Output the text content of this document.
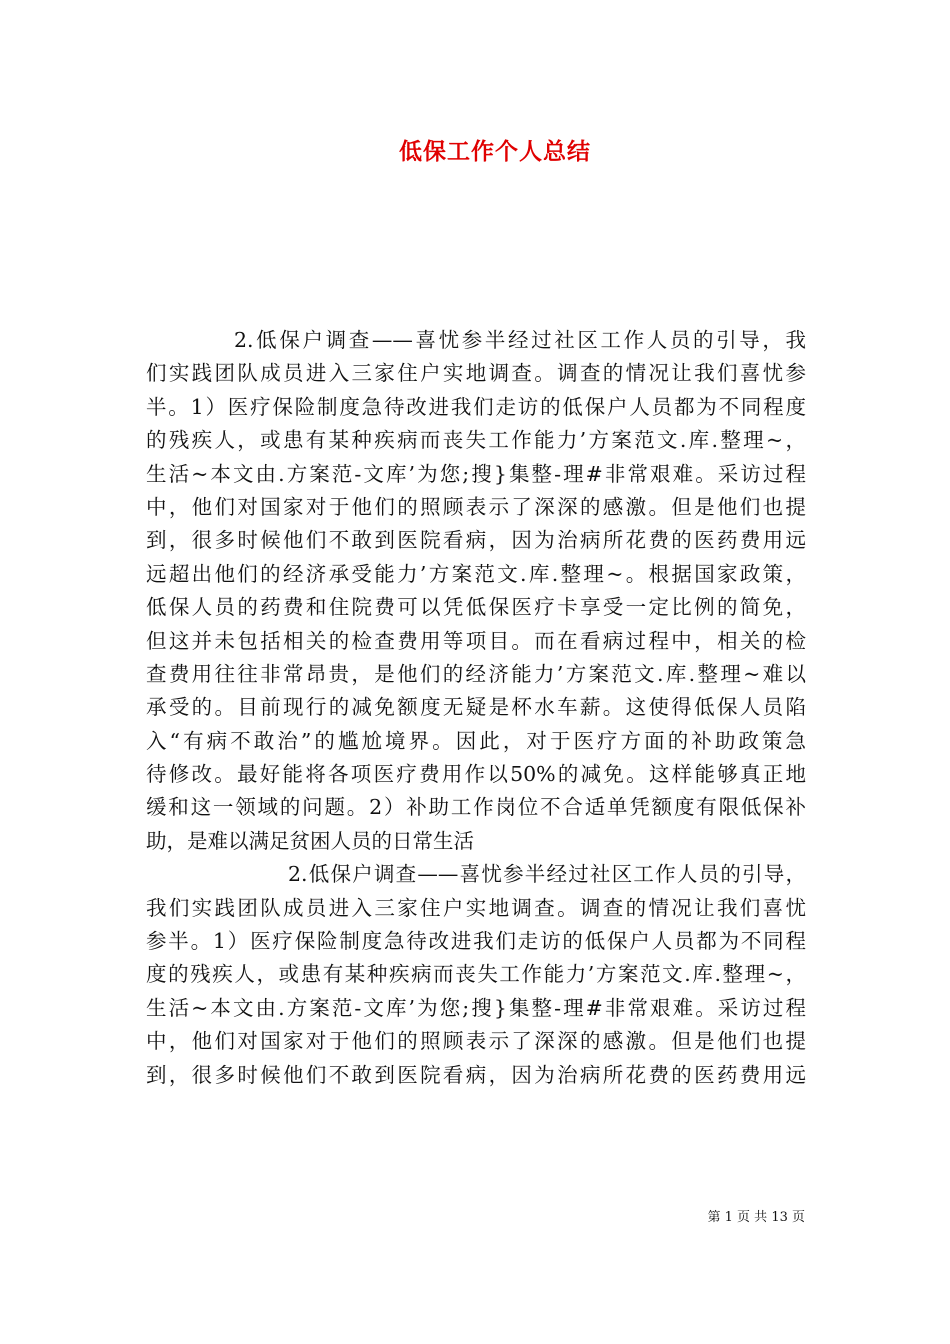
低保工作个人总结
2.低保户调查——喜忧参半经过社区工作人员的引导，我
们实践团队成员进入三家住户实地调查。调查的情况让我们喜忧参
半。1）医疗保险制度急待改进我们走访的低保户人员都为不同程度
的残疾人，或患有某种疾病而丧失工作能力’方案范文.库.整理~，
生活~本文由.方案范-文库’为您;搜}集整-理#非常艰难。采访过程
中，他们对国家对于他们的照顾表示了深深的感激。但是他们也提
到，很多时候他们不敢到医院看病，因为治病所花费的医药费用远
远超出他们的经济承受能力’方案范文.库.整理~。根据国家政策，
低保人员的药费和住院费可以凭低保医疗卡享受一定比例的简免，
但这并未包括相关的检查费用等项目。而在看病过程中，相关的检
查费用往往非常昂贵，是他们的经济能力’方案范文.库.整理~难以
承受的。目前现行的减免额度无疑是杯水车薪。这使得低保人员陷
入“有病不敢治”的尴尬境界。因此，对于医疗方面的补助政策急
待修改。最好能将各项医疗费用作以50%的减免。这样能够真正地
缓和这一领域的问题。2）补助工作岗位不合适单凭额度有限低保补
助，是难以满足贫困人员的日常生活
2.低保户调查——喜忧参半经过社区工作人员的引导，
我们实践团队成员进入三家住户实地调查。调查的情况让我们喜忧
参半。1）医疗保险制度急待改进我们走访的低保户人员都为不同程
度的残疾人，或患有某种疾病而丧失工作能力’方案范文.库.整理~，
生活~本文由.方案范-文库’为您;搜}集整-理#非常艰难。采访过程
中，他们对国家对于他们的照顾表示了深深的感激。但是他们也提
到，很多时候他们不敢到医院看病，因为治病所花费的医药费用远
第 1 页 共 13 页
